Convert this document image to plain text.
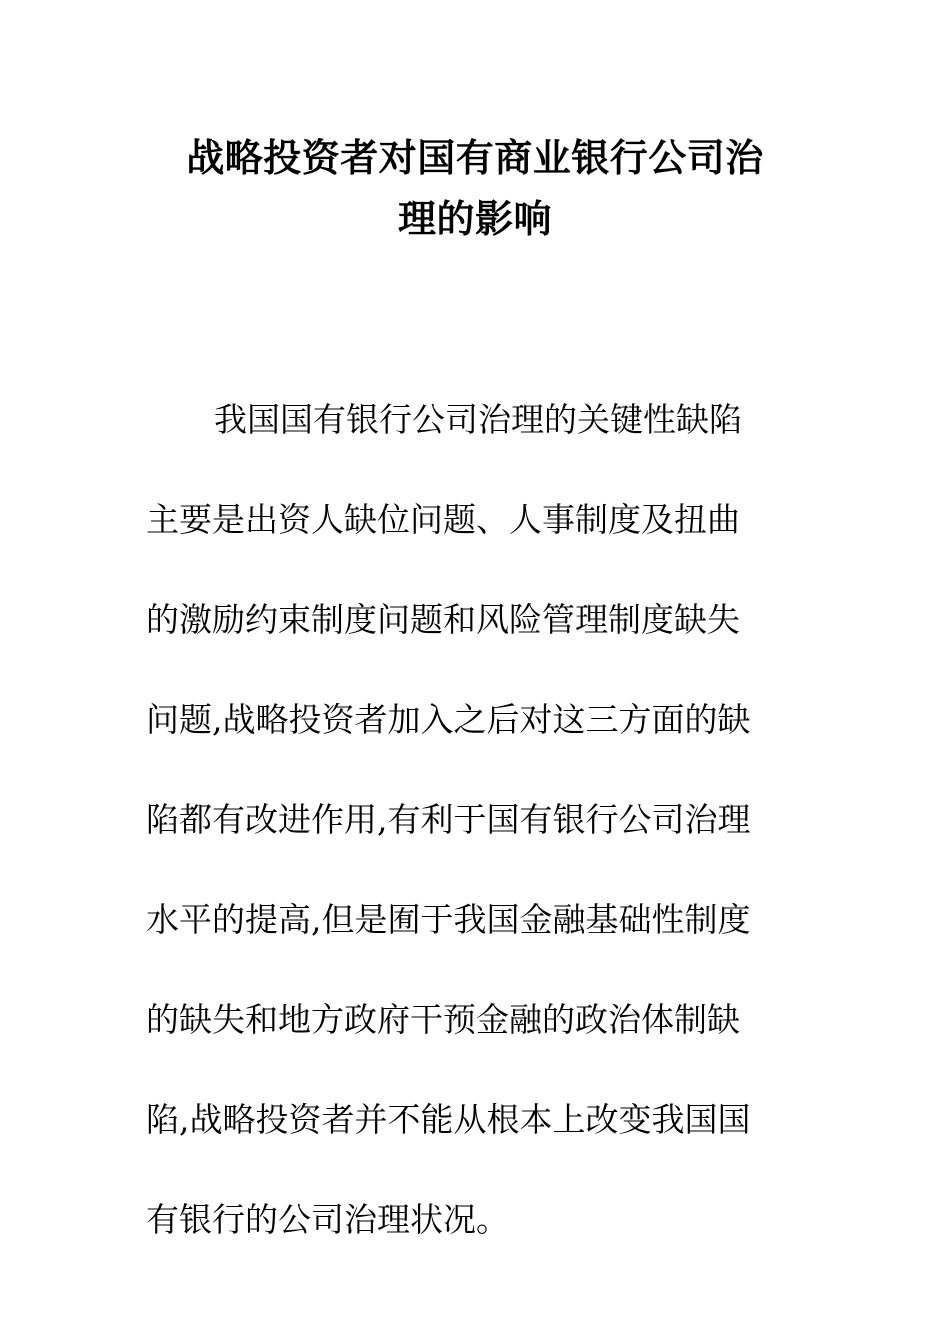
战略投资者对国有商业银行公司治
理的影响

我国国有银行公司治理的关键性缺陷
主要是出资人缺位问题、人事制度及扭曲
的激励约束制度问题和风险管理制度缺失
问题,战略投资者加入之后对这三方面的缺
陷都有改进作用,有利于国有银行公司治理
水平的提高,但是囿于我国金融基础性制度
的缺失和地方政府干预金融的政治体制缺
陷,战略投资者并不能从根本上改变我国国
有银行的公司治理状况。
